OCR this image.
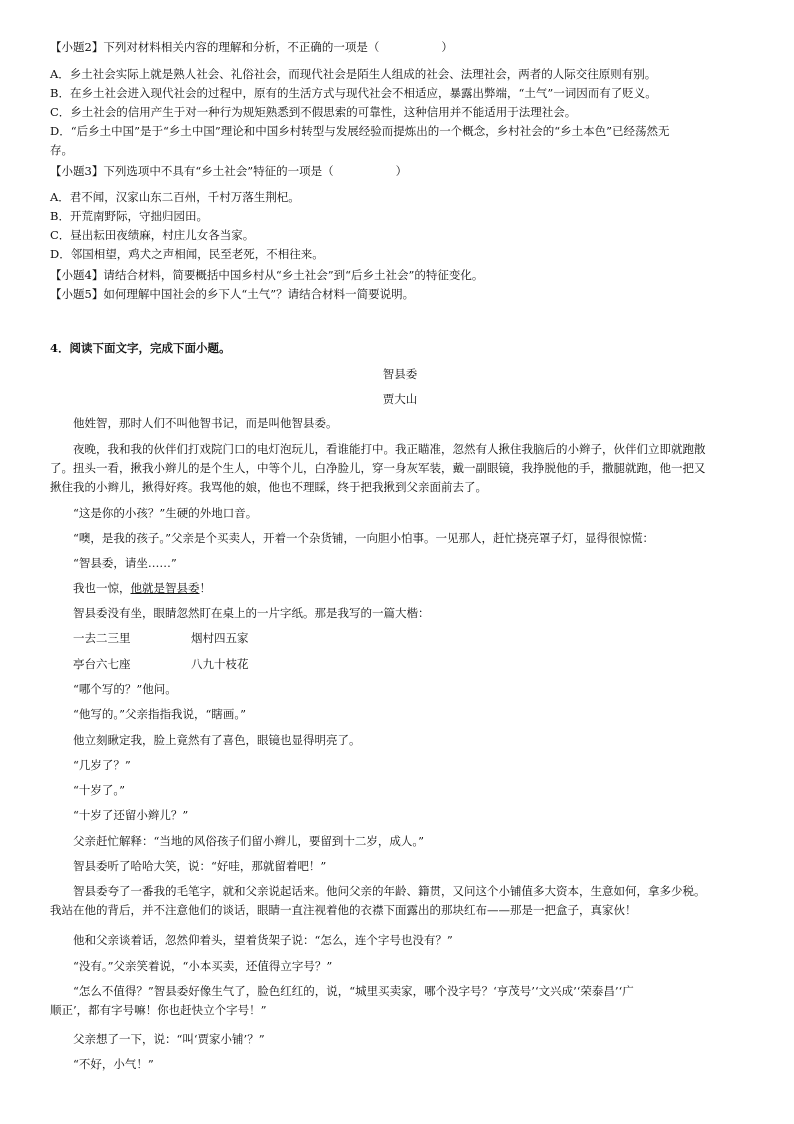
【小题2】下列对材料相关内容的理解和分析，不正确的一项是（	）
A．乡土社会实际上就是熟人社会、礼俗社会，而现代社会是陌生人组成的社会、法理社会，两者的人际交往原则有别。
B．在乡土社会进入现代社会的过程中，原有的生活方式与现代社会不相适应，暴露出弊端，“土气”一词因而有了贬义。
C．乡土社会的信用产生于对一种行为规矩熟悉到不假思索的可靠性，这种信用并不能适用于法理社会。
D．“后乡土中国”是于“乡土中国”理论和中国乡村转型与发展经验而提炼出的一个概念，乡村社会的“乡土本色”已经荡然无
存。
【小题3】下列选项中不具有“乡土社会”特征的一项是（	）
A．君不闻，汉家山东二百州，千村万落生荆杞。
B．开荒南野际，守拙归园田。
C．昼出耘田夜绩麻，村庄儿女各当家。
D．邻国相望，鸡犬之声相闻，民至老死，不相往来。
【小题4】请结合材料，简要概括中国乡村从“乡土社会”到“后乡土社会”的特征变化。
【小题5】如何理解中国社会的乡下人“土气”？请结合材料一简要说明。
4．阅读下面文字，完成下面小题。
智县委
贾大山
他姓智，那时人们不叫他智书记，而是叫他智县委。
夜晚，我和我的伙伴们打戏院门口的电灯泡玩儿，看谁能打中。我正瞄准，忽然有人揪住我脑后的小辫子，伙伴们立即就跑散
了。扭头一看，揪我小辫儿的是个生人，中等个儿，白净脸儿，穿一身灰军装，戴一副眼镜，我挣脱他的手，撒腿就跑，他一把又
揪住我的小辫儿，揪得好疼。我骂他的娘，他也不理睬，终于把我揪到父亲面前去了。
“这是你的小孩？”生硬的外地口音。
“噢，是我的孩子。”父亲是个买卖人，开着一个杂货铺，一向胆小怕事。一见那人，赶忙挠亮罩子灯，显得很惊慌：
“智县委，请坐……”
我也一惊，他就是智县委！
智县委没有坐，眼睛忽然盯在桌上的一片字纸。那是我写的一篇大楷：
一去二三里	烟村四五家
亭台六七座	八九十枝花
“哪个写的？”他问。
“他写的。”父亲指指我说，“瞎画。”
他立刻瞅定我，脸上竟然有了喜色，眼镜也显得明亮了。
“几岁了？”
“十岁了。”
“十岁了还留小辫儿？”
父亲赶忙解释：“当地的风俗孩子们留小辫儿，要留到十二岁，成人。”
智县委听了哈哈大笑，说：“好哇，那就留着吧！”
智县委夸了一番我的毛笔字，就和父亲说起话来。他问父亲的年龄、籍贯，又问这个小铺值多大资本，生意如何，拿多少税。
我站在他的背后，并不注意他们的谈话，眼睛一直注视着他的衣襟下面露出的那块红布——那是一把盒子，真家伙！
他和父亲谈着话，忽然仰着头，望着货架子说：“怎么，连个字号也没有？”
“没有。”父亲笑着说，“小本买卖，还值得立字号？”
“怎么不值得？”智县委好像生气了，脸色红红的，说，“城里买卖家，哪个没字号？‘亨茂号’‘文兴成’‘荣泰昌’‘广
顺正’，都有字号嘛！你也赶快立个字号！”
父亲想了一下，说：“叫‘贾家小铺’？”
“不好，小气！”
